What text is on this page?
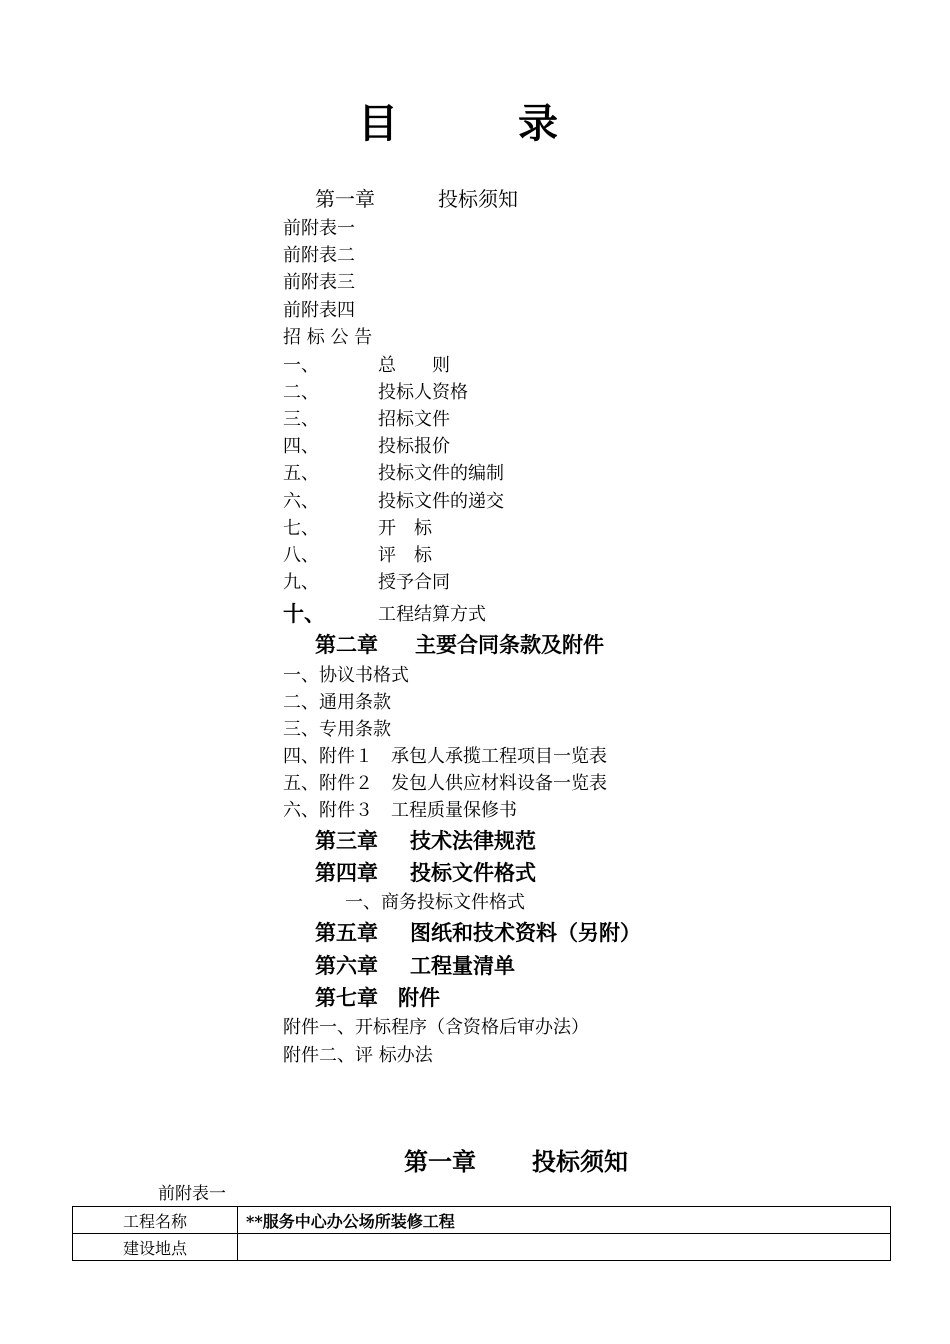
目	录
第一章	投标须知
前附表一
前附表二
前附表三
前附表四
招 标 公 告
一、	总　　则
二、	投标人资格
三、	招标文件
四、	投标报价
五、	投标文件的编制
六、	投标文件的递交
七、	开　标
八、	评　标
九、	授予合同
十、	工程结算方式
第二章 主要合同条款及附件
一、协议书格式
二、通用条款
三、专用条款
四、附件１　承包人承揽工程项目一览表
五、附件２　发包人供应材料设备一览表
六、附件３　工程质量保修书
第三章 技术法律规范
第四章 投标文件格式
一、商务投标文件格式
第五章 图纸和技术资料（另附）
第六章 工程量清单
第七章 附件
附件一、开标程序（含资格后审办法）
附件二、评 标办法
第一章 投标须知
前附表一
工程名称	**服务中心办公场所装修工程
建设地点	
